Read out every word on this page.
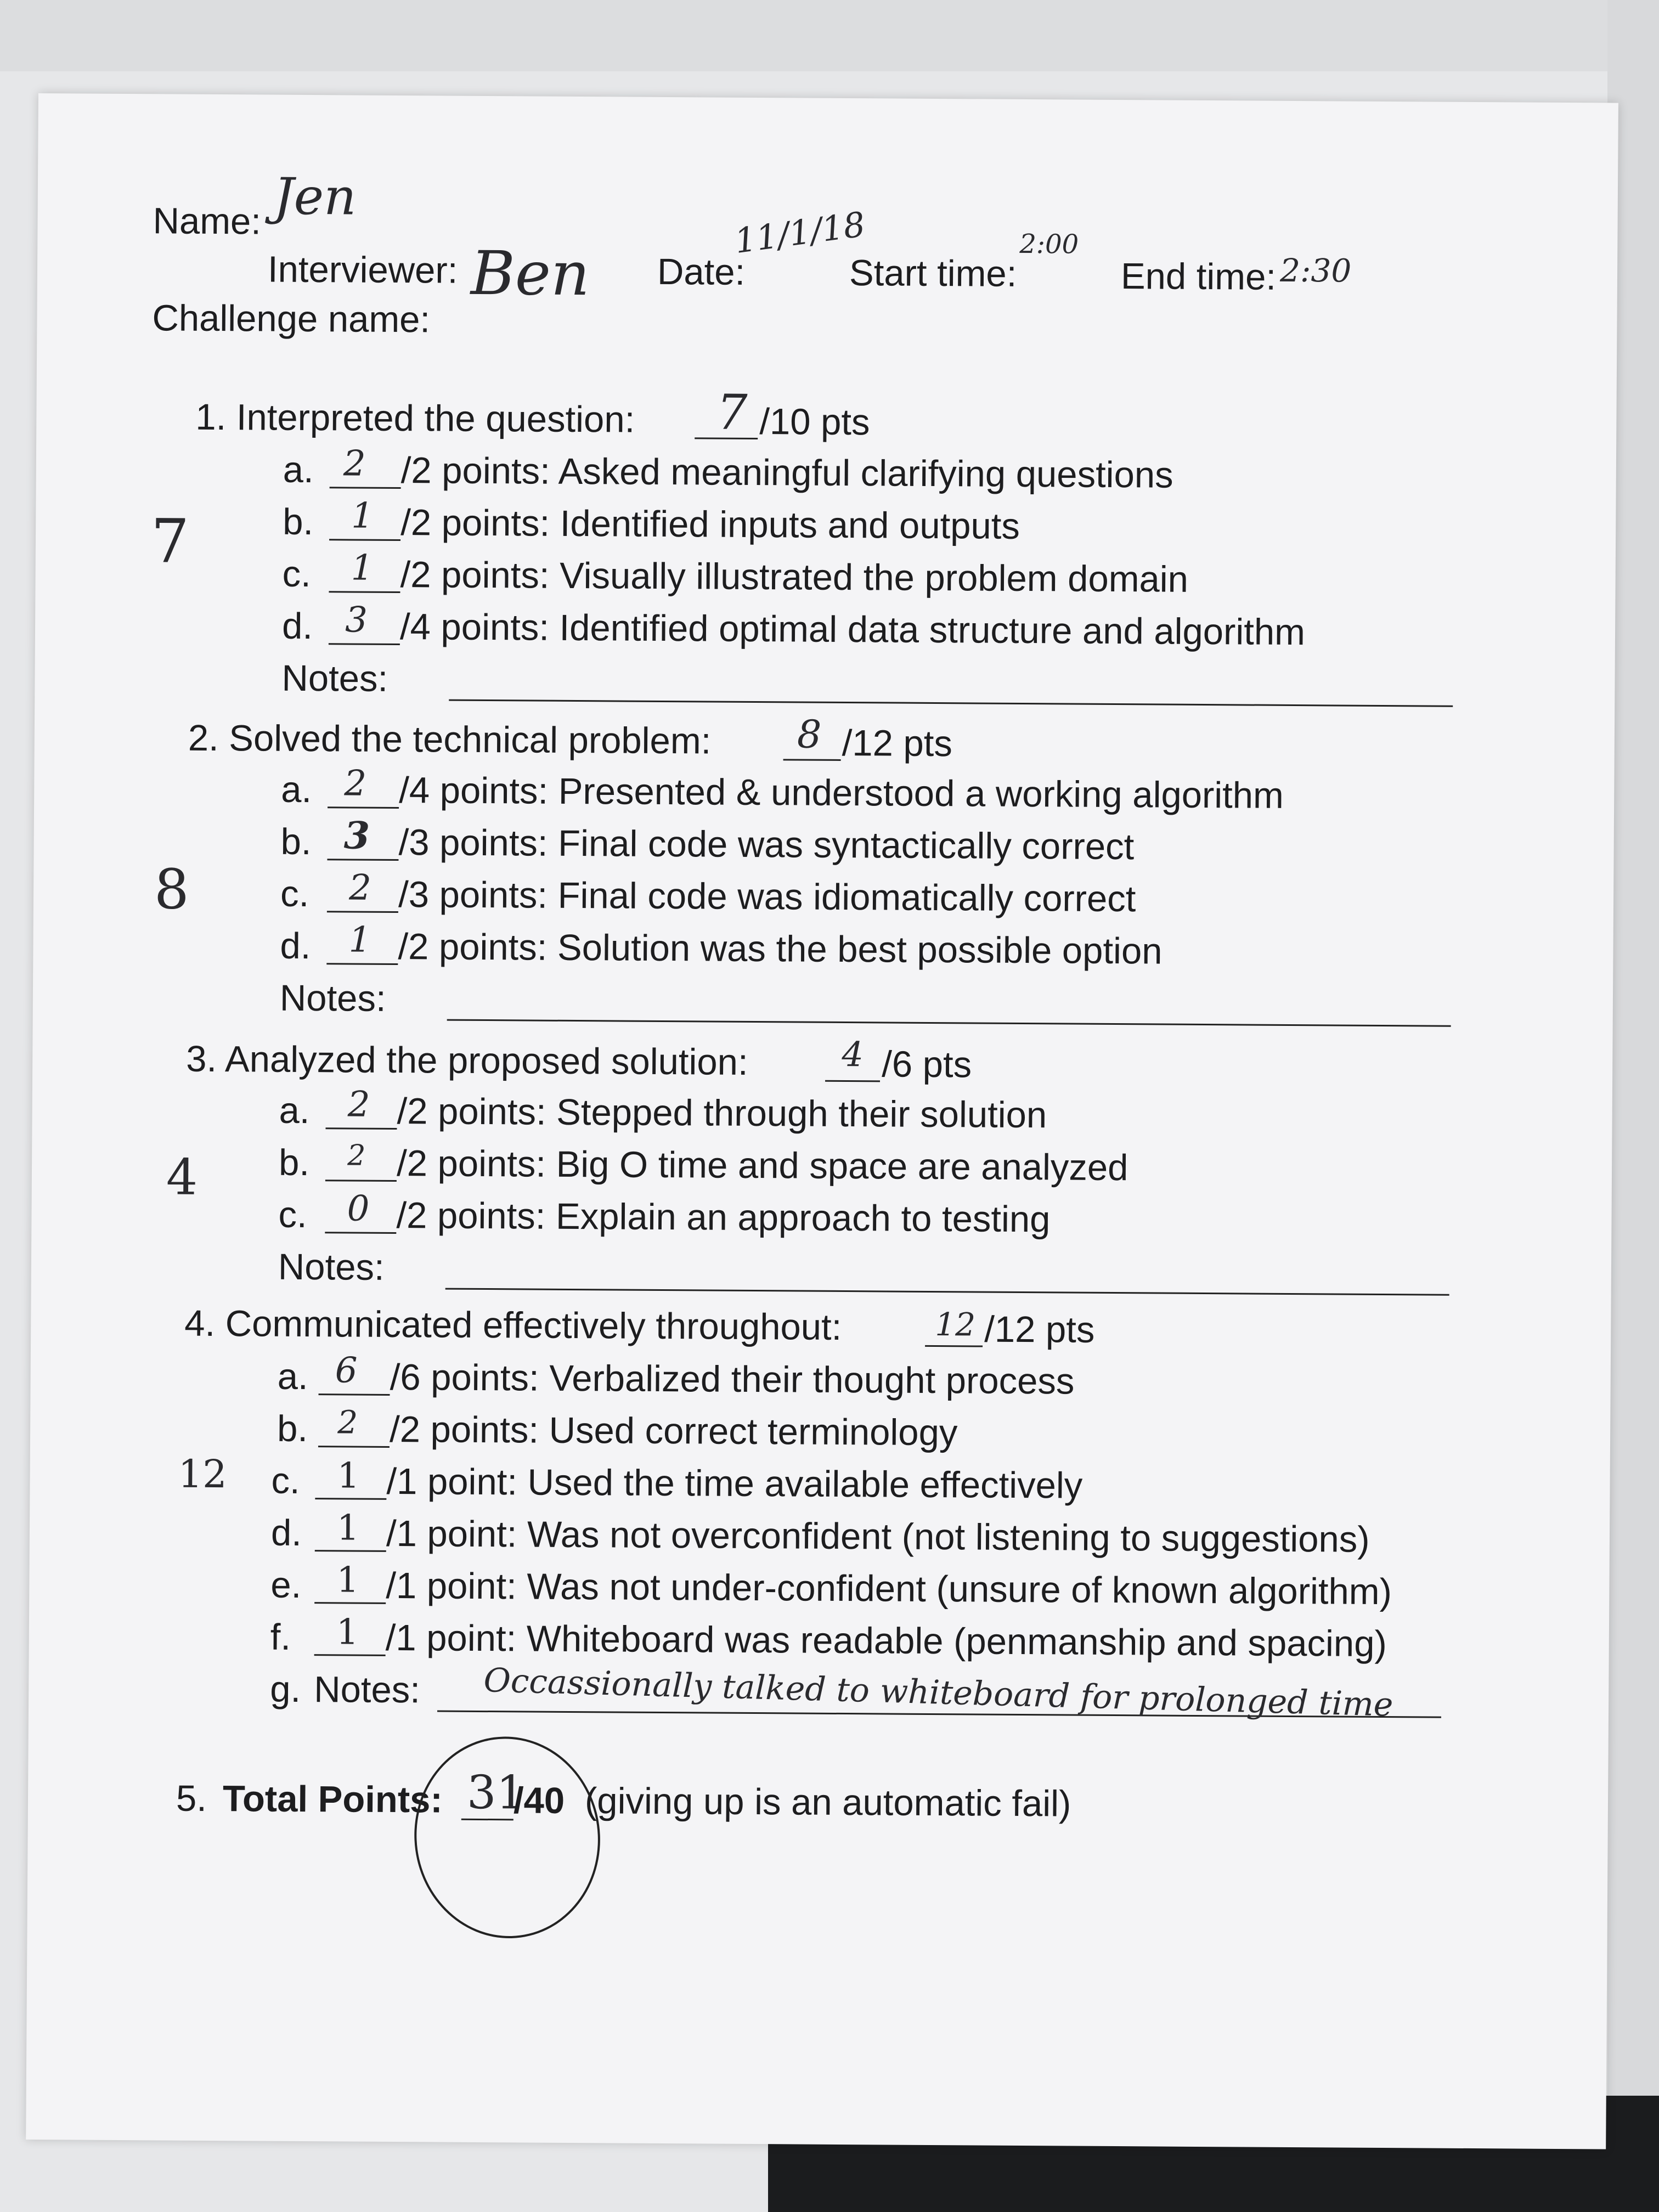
Name: Jen
Interviewer: Ben Date:
11/1/18
Start time:
2:00
End time: 2:30
Challenge name:
1. Interpreted the question: 7 /10 pts
7
a. 2 /2 points: Asked meaningful clarifying questions
b. 1 /2 points: Identified inputs and outputs
c. 1 /2 points: Visually illustrated the problem domain
d. 3 /4 points: Identified optimal data structure and algorithm
Notes:
2. Solved the technical problem: 8 /12 pts
8
a. 2 /4 points: Presented & understood a working algorithm
b. 3 /3 points: Final code was syntactically correct
c. 2 /3 points: Final code was idiomatically correct
d. 1 /2 points: Solution was the best possible option
Notes:
3. Analyzed the proposed solution:	4 /6 pts
4
a. 2 /2 points: Stepped through their solution
b. 2 /2 points: Big O time and space are analyzed
c. 0 /2 points: Explain an approach to testing
Notes:
4. Communicated effectively throughout:	12 /12 pts
12
a. 6 /6 points: Verbalized their thought process
b. 2 /2 points: Used correct terminology
c. 1 /1 point: Used the time available effectively
d. 1 /1 point: Was not overconfident (not listening to suggestions)
e. 1 /1 point: Was not under-confident (unsure of known algorithm)
f. 1 /1 point: Whiteboard was readable (penmanship and spacing)
g. Notes: Occassionally talked to whiteboard for prolonged time
5. Total Points: 31
/40 (giving up is an automatic fail)
